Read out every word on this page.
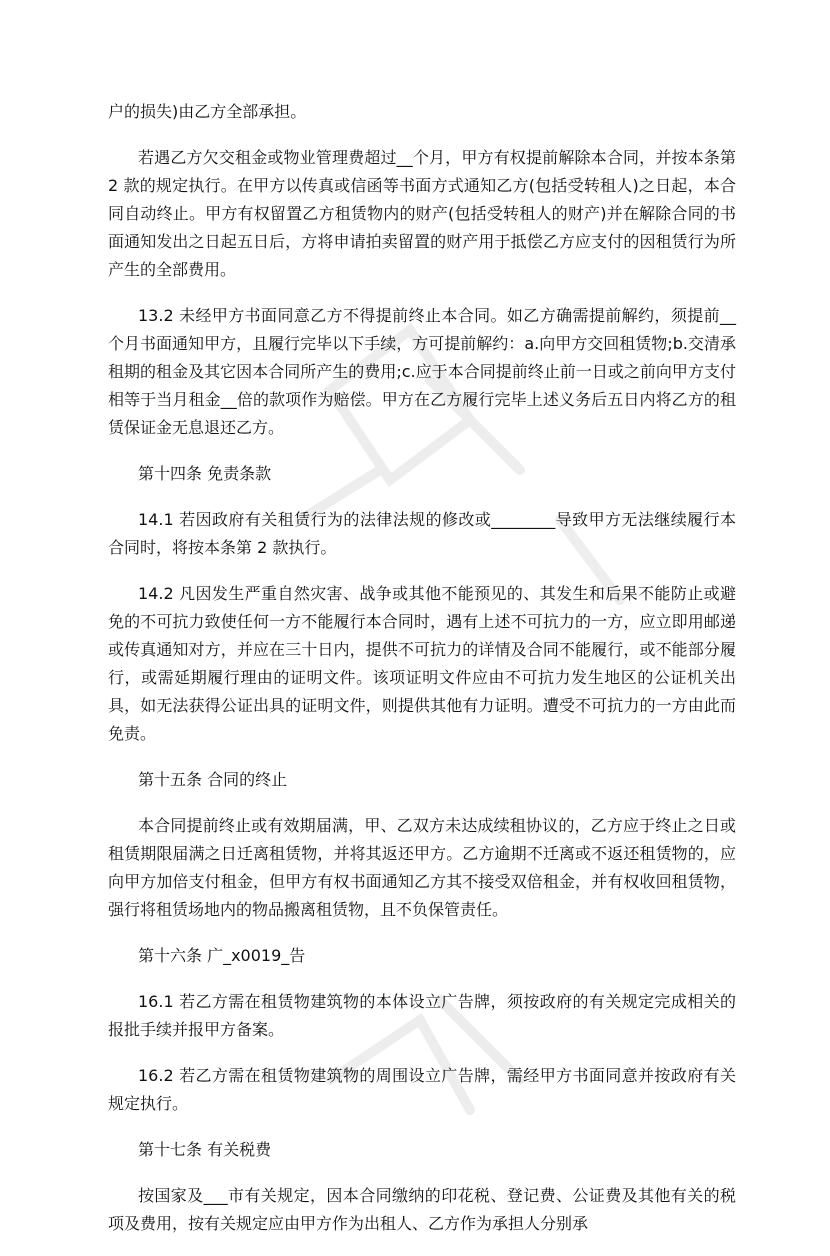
户的损失)由乙方全部承担。

若遇乙方欠交租金或物业管理费超过__个月，甲方有权提前解除本合同，并按本条第 2 款的规定执行。在甲方以传真或信函等书面方式通知乙方(包括受转租人)之日起，本合同自动终止。甲方有权留置乙方租赁物内的财产(包括受转租人的财产)并在解除合同的书面通知发出之日起五日后，方将申请拍卖留置的财产用于抵偿乙方应支付的因租赁行为所产生的全部费用。

13.2 未经甲方书面同意乙方不得提前终止本合同。如乙方确需提前解约，须提前__个月书面通知甲方，且履行完毕以下手续，方可提前解约：a.向甲方交回租赁物;b.交清承租期的租金及其它因本合同所产生的费用;c.应于本合同提前终止前一日或之前向甲方支付相等于当月租金__倍的款项作为赔偿。甲方在乙方履行完毕上述义务后五日内将乙方的租赁保证金无息退还乙方。

第十四条 免责条款

14.1 若因政府有关租赁行为的法律法规的修改或________导致甲方无法继续履行本合同时，将按本条第 2 款执行。

14.2 凡因发生严重自然灾害、战争或其他不能预见的、其发生和后果不能防止或避免的不可抗力致使任何一方不能履行本合同时，遇有上述不可抗力的一方，应立即用邮递或传真通知对方，并应在三十日内，提供不可抗力的详情及合同不能履行，或不能部分履行，或需延期履行理由的证明文件。该项证明文件应由不可抗力发生地区的公证机关出具，如无法获得公证出具的证明文件，则提供其他有力证明。遭受不可抗力的一方由此而免责。

第十五条 合同的终止

本合同提前终止或有效期届满，甲、乙双方未达成续租协议的，乙方应于终止之日或租赁期限届满之日迁离租赁物，并将其返还甲方。乙方逾期不迁离或不返还租赁物的，应向甲方加倍支付租金，但甲方有权书面通知乙方其不接受双倍租金，并有权收回租赁物，强行将租赁场地内的物品搬离租赁物，且不负保管责任。

第十六条 广_x0019_告

16.1 若乙方需在租赁物建筑物的本体设立广告牌，须按政府的有关规定完成相关的报批手续并报甲方备案。

16.2 若乙方需在租赁物建筑物的周围设立广告牌，需经甲方书面同意并按政府有关规定执行。

第十七条 有关税费

按国家及___市有关规定，因本合同缴纳的印花税、登记费、公证费及其他有关的税项及费用，按有关规定应由甲方作为出租人、乙方作为承担人分别承
